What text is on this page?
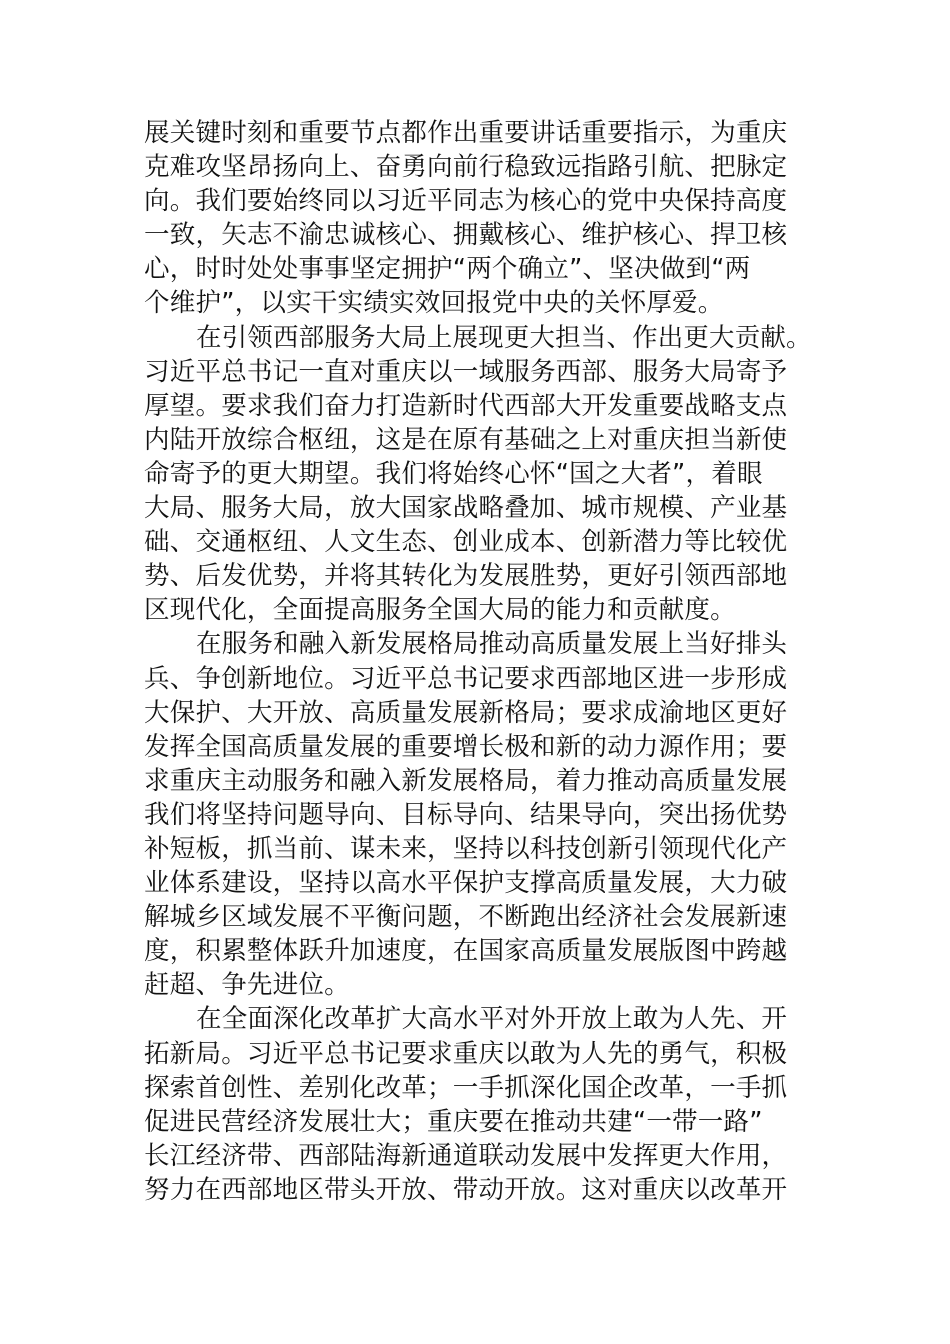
展关键时刻和重要节点都作出重要讲话重要指示，为重庆
克难攻坚昂扬向上、奋勇向前行稳致远指路引航、把脉定
向。我们要始终同以习近平同志为核心的党中央保持高度
一致，矢志不渝忠诚核心、拥戴核心、维护核心、捍卫核
心，时时处处事事坚定拥护“两个确立”、坚决做到“两
个维护”，以实干实绩实效回报党中央的关怀厚爱。
在引领西部服务大局上展现更大担当、作出更大贡献。
习近平总书记一直对重庆以一域服务西部、服务大局寄予
厚望。要求我们奋力打造新时代西部大开发重要战略支点
内陆开放综合枢纽，这是在原有基础之上对重庆担当新使
命寄予的更大期望。我们将始终心怀“国之大者”，着眼
大局、服务大局，放大国家战略叠加、城市规模、产业基
础、交通枢纽、人文生态、创业成本、创新潜力等比较优
势、后发优势，并将其转化为发展胜势，更好引领西部地
区现代化，全面提高服务全国大局的能力和贡献度。
在服务和融入新发展格局推动高质量发展上当好排头
兵、争创新地位。习近平总书记要求西部地区进一步形成
大保护、大开放、高质量发展新格局；要求成渝地区更好
发挥全国高质量发展的重要增长极和新的动力源作用；要
求重庆主动服务和融入新发展格局，着力推动高质量发展
我们将坚持问题导向、目标导向、结果导向，突出扬优势
补短板，抓当前、谋未来，坚持以科技创新引领现代化产
业体系建设，坚持以高水平保护支撑高质量发展，大力破
解城乡区域发展不平衡问题，不断跑出经济社会发展新速
度，积累整体跃升加速度，在国家高质量发展版图中跨越
赶超、争先进位。
在全面深化改革扩大高水平对外开放上敢为人先、开
拓新局。习近平总书记要求重庆以敢为人先的勇气，积极
探索首创性、差别化改革；一手抓深化国企改革，一手抓
促进民营经济发展壮大；重庆要在推动共建“一带一路”
长江经济带、西部陆海新通道联动发展中发挥更大作用，
努力在西部地区带头开放、带动开放。这对重庆以改革开
